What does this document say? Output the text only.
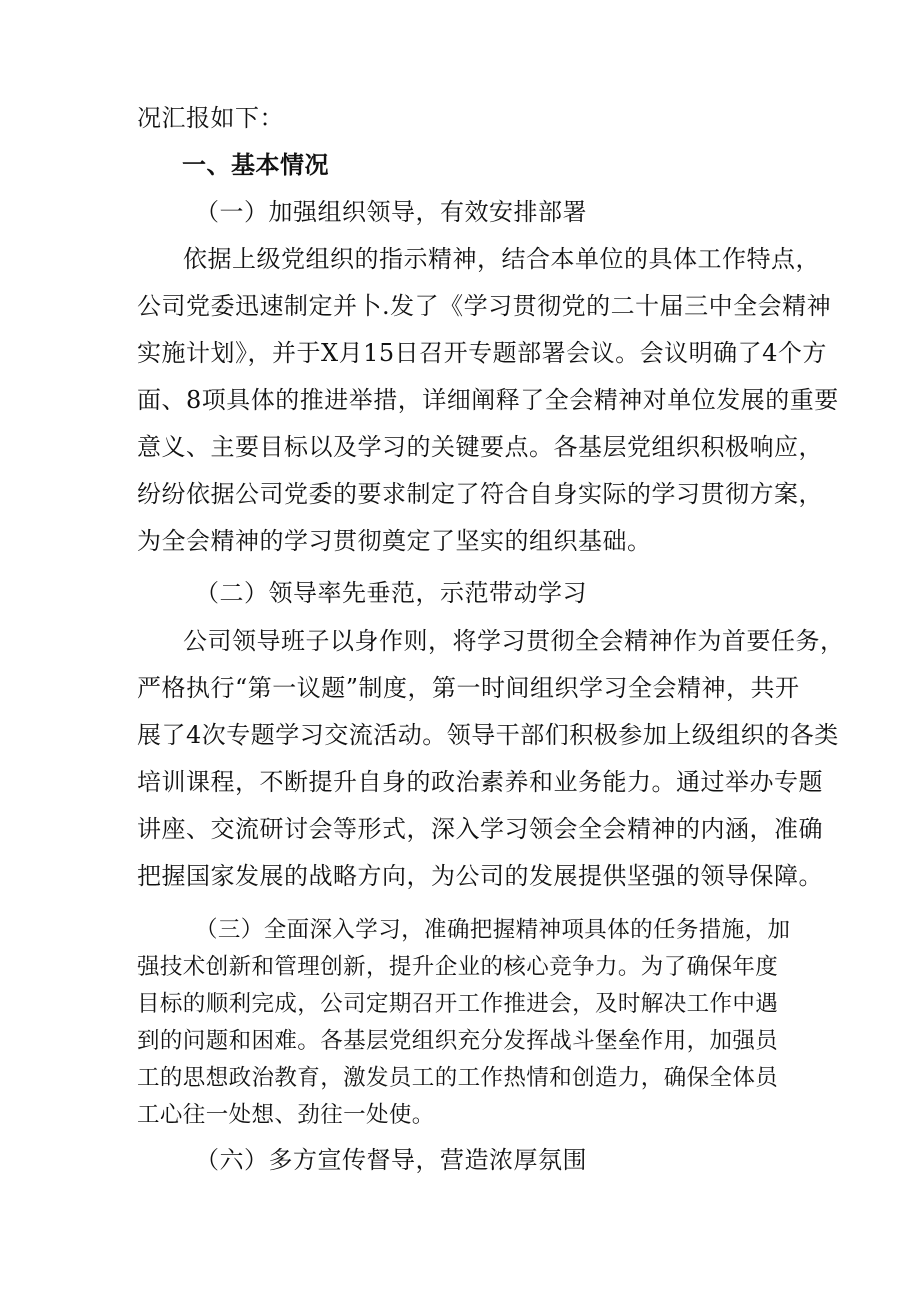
况汇报如下：
一、基本情况
（一）加强组织领导，有效安排部署
依据上级党组织的指示精神，结合本单位的具体工作特点，
公司党委迅速制定并卜.发了《学习贯彻党的二十届三中全会精神
实施计划》，并于X月15日召开专题部署会议。会议明确了4个方
面、8项具体的推进举措，详细阐释了全会精神对单位发展的重要
意义、主要目标以及学习的关键要点。各基层党组织积极响应，
纷纷依据公司党委的要求制定了符合自身实际的学习贯彻方案，
为全会精神的学习贯彻奠定了坚实的组织基础。
（二）领导率先垂范，示范带动学习
公司领导班子以身作则，将学习贯彻全会精神作为首要任务，
严格执行“第一议题”制度，第一时间组织学习全会精神，共开
展了4次专题学习交流活动。领导干部们积极参加上级组织的各类
培训课程，不断提升自身的政治素养和业务能力。通过举办专题
讲座、交流研讨会等形式，深入学习领会全会精神的内涵，准确
把握国家发展的战略方向，为公司的发展提供坚强的领导保障。
（三）全面深入学习，准确把握精神项具体的任务措施，加
强技术创新和管理创新，提升企业的核心竞争力。为了确保年度
目标的顺利完成，公司定期召开工作推进会，及时解决工作中遇
到的问题和困难。各基层党组织充分发挥战斗堡垒作用，加强员
工的思想政治教育，激发员工的工作热情和创造力，确保全体员
工心往一处想、劲往一处使。
（六）多方宣传督导，营造浓厚氛围
